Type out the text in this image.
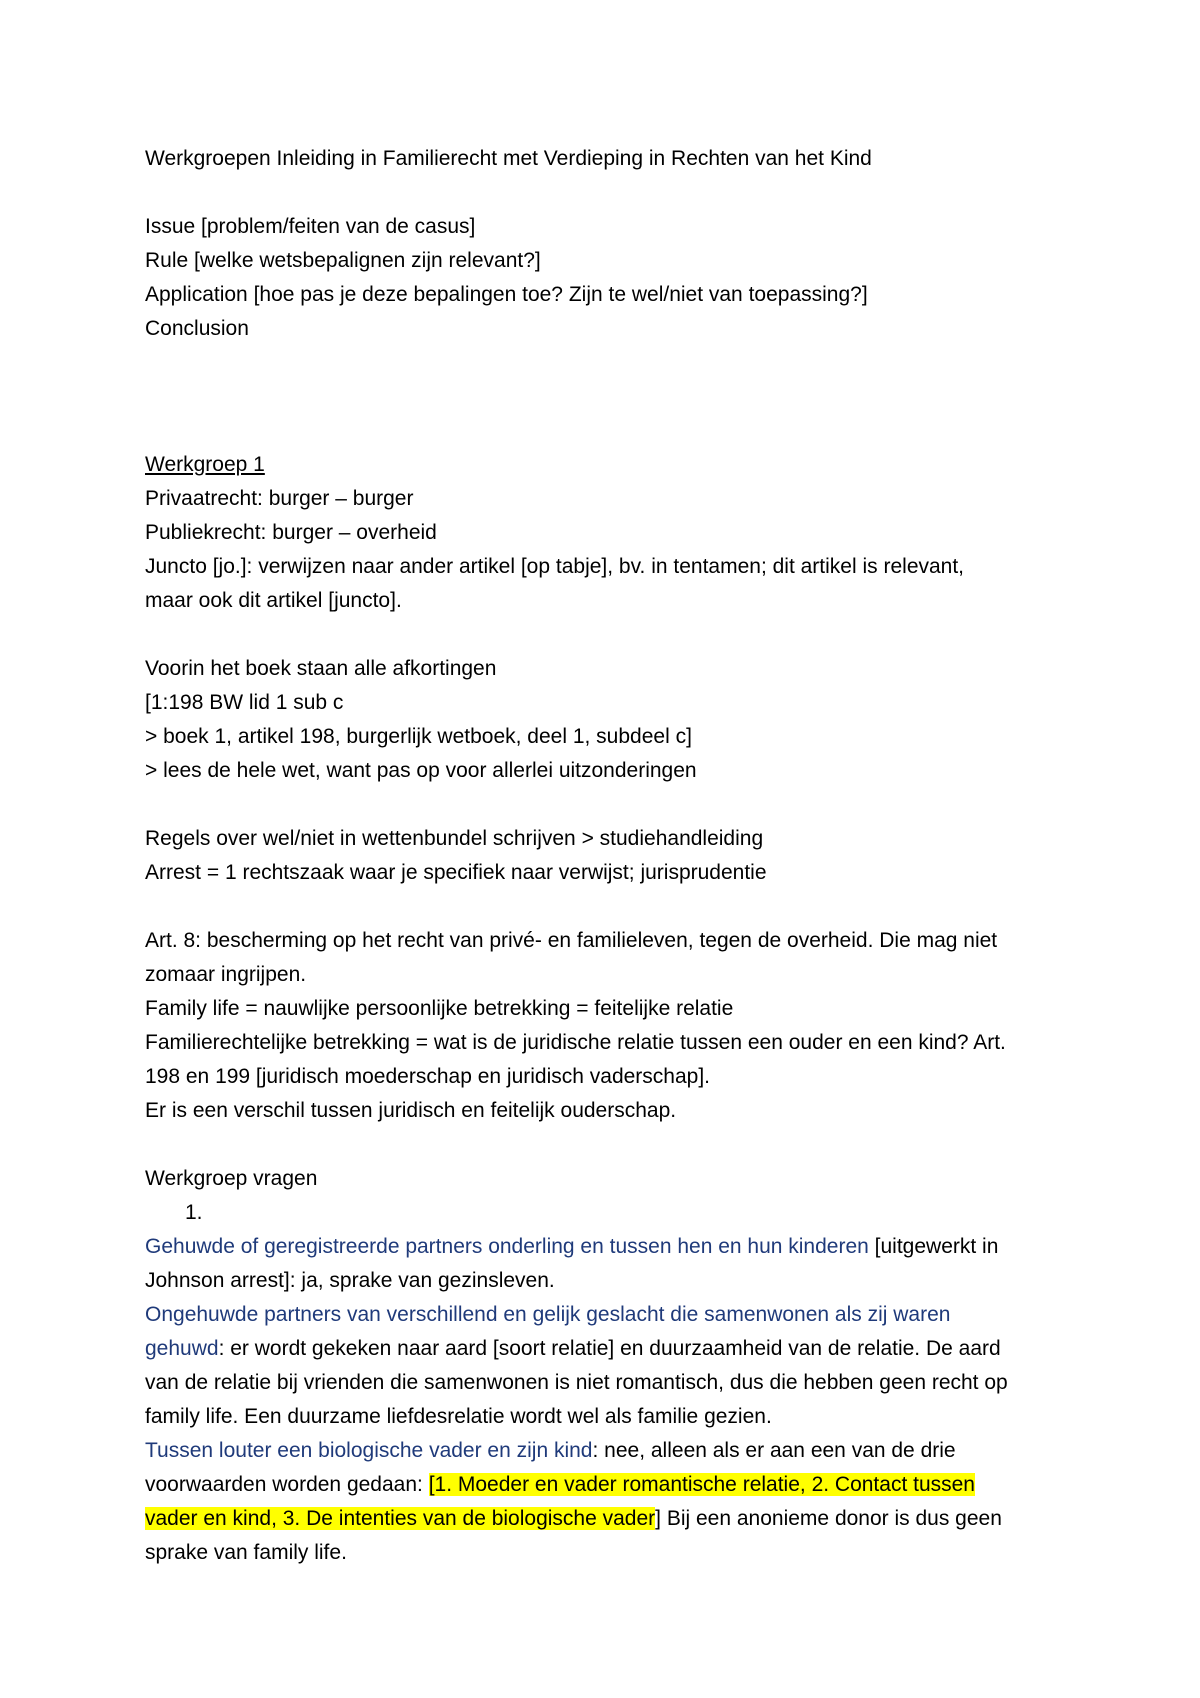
Werkgroepen Inleiding in Familierecht met Verdieping in Rechten van het Kind

Issue [problem/feiten van de casus]

Rule [welke wetsbepalignen zijn relevant?]

Application [hoe pas je deze bepalingen toe? Zijn te wel/niet van toepassing?]

Conclusion

Werkgroep 1

Privaatrecht: burger – burger

Publiekrecht: burger – overheid

Juncto [jo.]: verwijzen naar ander artikel [op tabje], bv. in tentamen; dit artikel is relevant,

maar ook dit artikel [juncto].

Voorin het boek staan alle afkortingen

[1:198 BW lid 1 sub c

> boek 1, artikel 198, burgerlijk wetboek, deel 1, subdeel c]

> lees de hele wet, want pas op voor allerlei uitzonderingen

Regels over wel/niet in wettenbundel schrijven > studiehandleiding

Arrest = 1 rechtszaak waar je specifiek naar verwijst; jurisprudentie

Art. 8: bescherming op het recht van privé- en familieleven, tegen de overheid. Die mag niet

zomaar ingrijpen.

Family life = nauwlijke persoonlijke betrekking = feitelijke relatie

Familierechtelijke betrekking = wat is de juridische relatie tussen een ouder en een kind? Art.

198 en 199 [juridisch moederschap en juridisch vaderschap].

Er is een verschil tussen juridisch en feitelijk ouderschap.

Werkgroep vragen

1.

Gehuwde of geregistreerde partners onderling en tussen hen en hun kinderen [uitgewerkt in

Johnson arrest]: ja, sprake van gezinsleven.

Ongehuwde partners van verschillend en gelijk geslacht die samenwonen als zij waren

gehuwd: er wordt gekeken naar aard [soort relatie] en duurzaamheid van de relatie. De aard

van de relatie bij vrienden die samenwonen is niet romantisch, dus die hebben geen recht op

family life. Een duurzame liefdesrelatie wordt wel als familie gezien.

Tussen louter een biologische vader en zijn kind: nee, alleen als er aan een van de drie

voorwaarden worden gedaan: [1. Moeder en vader romantische relatie, 2. Contact tussen

vader en kind, 3. De intenties van de biologische vader] Bij een anonieme donor is dus geen

sprake van family life.
